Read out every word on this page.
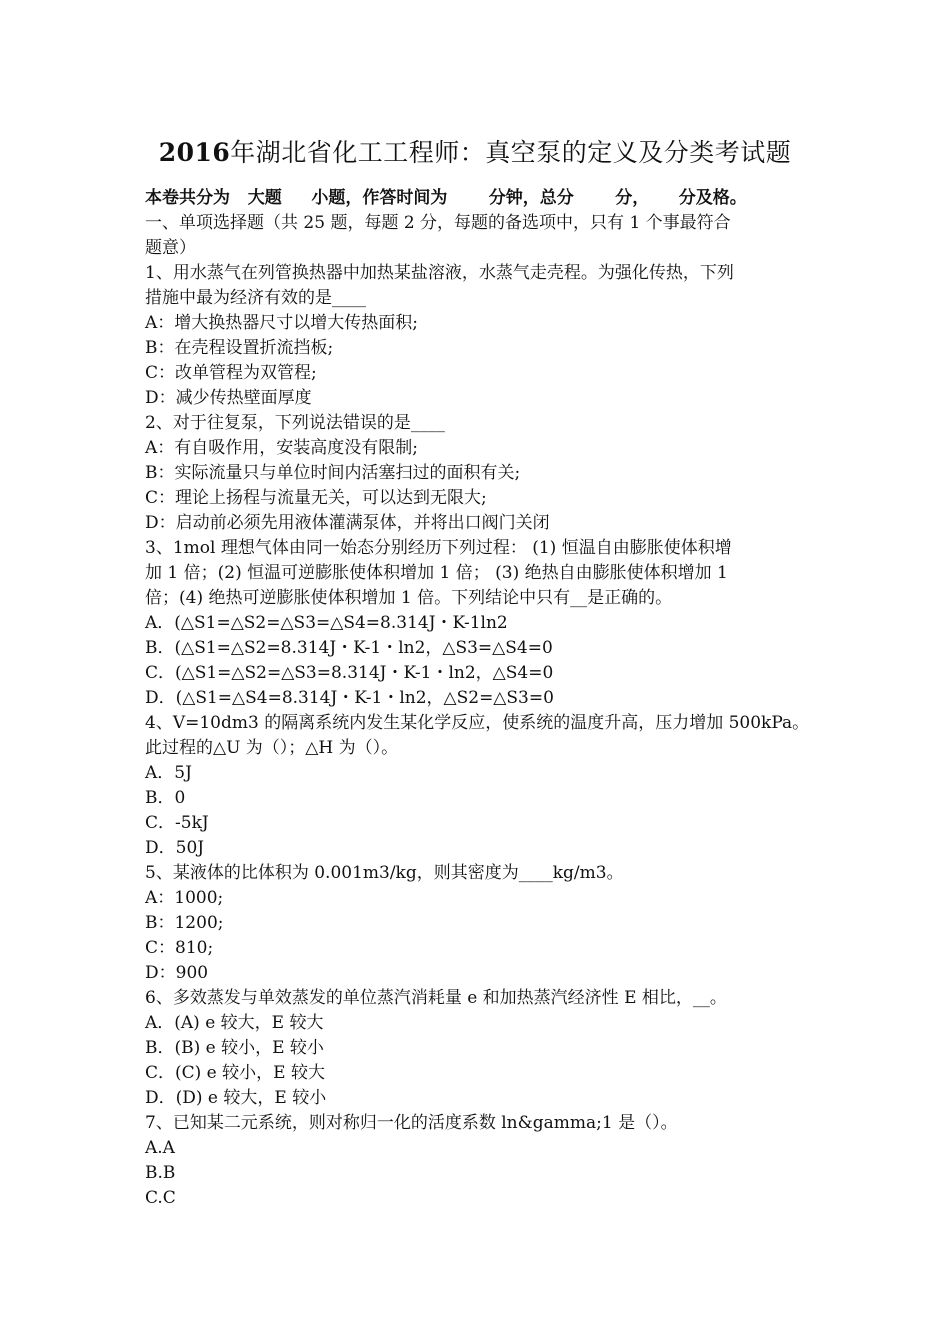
2016年湖北省化工工程师：真空泵的定义及分类考试题
本卷共分为   大题     小题，作答时间为       分钟，总分       分，     分及格。
一、单项选择题（共 25 题，每题 2 分，每题的备选项中，只有 1 个事最符合
题意）
1、用水蒸气在列管换热器中加热某盐溶液，水蒸气走壳程。为强化传热，下列
措施中最为经济有效的是____
A：增大换热器尺寸以增大传热面积;
B：在壳程设置折流挡板;
C：改单管程为双管程;
D：减少传热壁面厚度
2、对于往复泵，下列说法错误的是____
A：有自吸作用，安装高度没有限制;
B：实际流量只与单位时间内活塞扫过的面积有关;
C：理论上扬程与流量无关，可以达到无限大;
D：启动前必须先用液体灌满泵体，并将出口阀门关闭
3、1mol 理想气体由同一始态分别经历下列过程： (1) 恒温自由膨胀使体积增
加 1 倍；(2) 恒温可逆膨胀使体积增加 1 倍； (3) 绝热自由膨胀使体积增加 1
倍；(4) 绝热可逆膨胀使体积增加 1 倍。下列结论中只有__是正确的。
A．(△S1=△S2=△S3=△S4=8.314J・K-1ln2
B．(△S1=△S2=8.314J・K-1・ln2，△S3=△S4=0
C．(△S1=△S2=△S3=8.314J・K-1・ln2，△S4=0
D．(△S1=△S4=8.314J・K-1・ln2，△S2=△S3=0
4、V=10dm3 的隔离系统内发生某化学反应，使系统的温度升高，压力增加 500kPa。
此过程的△U 为（）；△H 为（）。
A．5J
B．0
C．-5kJ
D．50J
5、某液体的比体积为 0.001m3/kg，则其密度为____kg/m3。
A：1000;
B：1200;
C：810;
D：900
6、多效蒸发与单效蒸发的单位蒸汽消耗量 e 和加热蒸汽经济性 E 相比，__。
A．(A) e 较大，E 较大
B．(B) e 较小，E 较小
C．(C) e 较小，E 较大
D．(D) e 较大，E 较小
7、已知某二元系统，则对称归一化的活度系数 ln&gamma;1 是（）。
A.A
B.B
C.C
